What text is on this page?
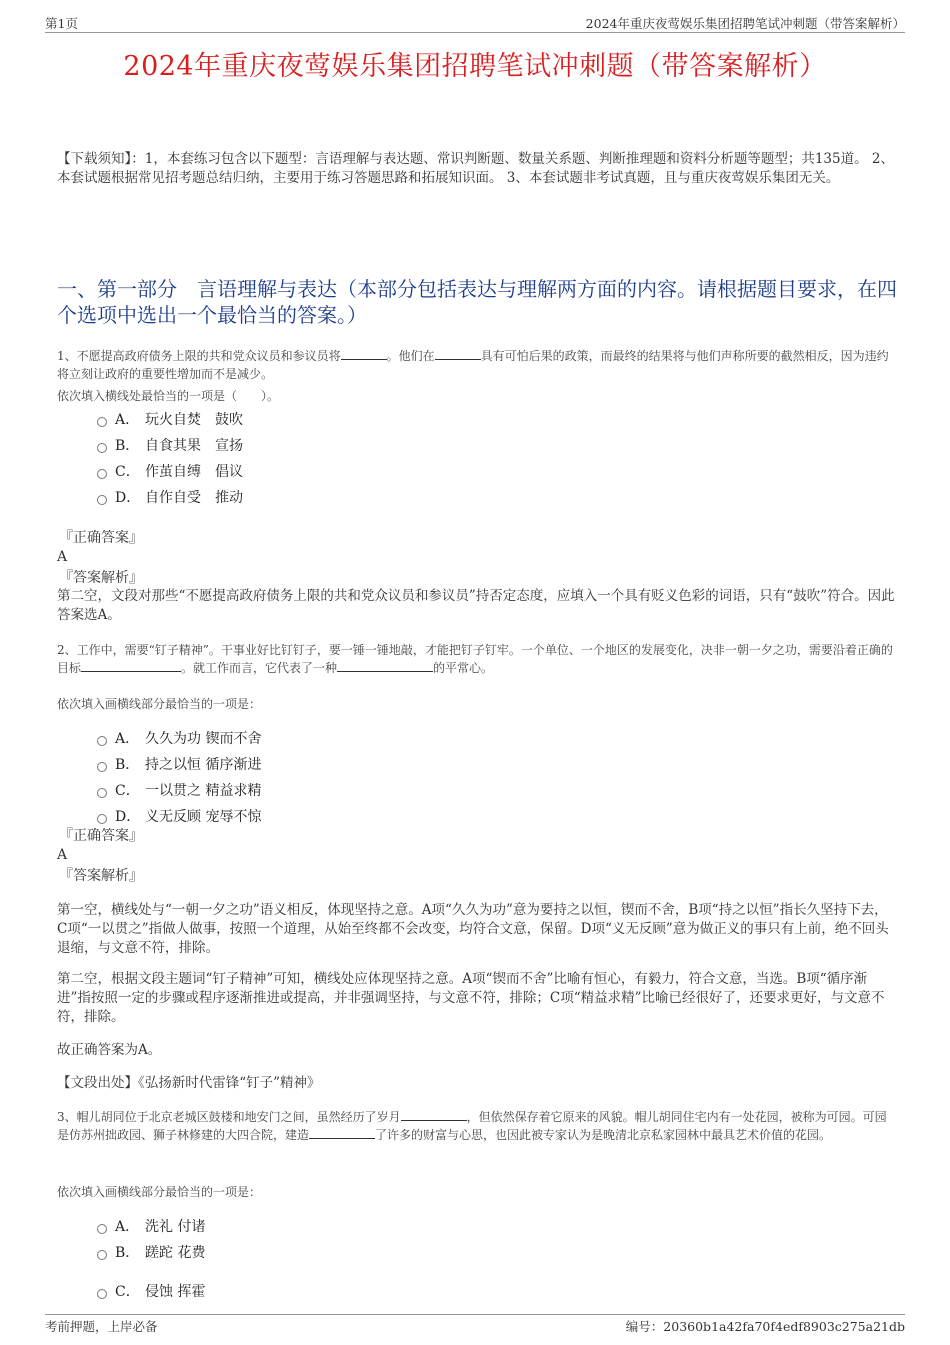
第1页	2024年重庆夜莺娱乐集团招聘笔试冲刺题（带答案解析）
2024年重庆夜莺娱乐集团招聘笔试冲刺题（带答案解析）
【下载须知】：1，本套练习包含以下题型：言语理解与表达题、常识判断题、数量关系题、判断推理题和资料分析题等题型；共135道。 2、本套试题根据常见招考题总结归纳，主要用于练习答题思路和拓展知识面。 3、本套试题非考试真题，且与重庆夜莺娱乐集团无关。
一、第一部分　言语理解与表达（本部分包括表达与理解两方面的内容。请根据题目要求，在四个选项中选出一个最恰当的答案。）
1、不愿提高政府债务上限的共和党众议员和参议员将	。他们在	具有可怕后果的政策，而最终的结果将与他们声称所要的截然相反，因为违约将立刻让政府的重要性增加而不是减少。
依次填入横线处最恰当的一项是（　　）。
A． 玩火自焚　鼓吹
B． 自食其果　宣扬
C． 作茧自缚　倡议
D． 自作自受　推动
『正确答案』
A
『答案解析』
第二空，文段对那些“不愿提高政府债务上限的共和党众议员和参议员”持否定态度，应填入一个具有贬义色彩的词语，只有“鼓吹”符合。因此答案选A。
2、工作中，需要“钉子精神”。干事业好比钉钉子，要一锤一锤地敲，才能把钉子钉牢。一个单位、一个地区的发展变化，决非一朝一夕之功，需要沿着正确的目标	。就工作而言，它代表了一种	的平常心。
依次填入画横线部分最恰当的一项是：
A． 久久为功 锲而不舍
B． 持之以恒 循序渐进
C． 一以贯之 精益求精
D． 义无反顾 宠辱不惊
『正确答案』
A
『答案解析』
第一空，横线处与“一朝一夕之功”语义相反，体现坚持之意。A项“久久为功”意为要持之以恒，锲而不舍，B项“持之以恒”指长久坚持下去，C项“一以贯之”指做人做事，按照一个道理，从始至终都不会改变，均符合文意，保留。D项“义无反顾”意为做正义的事只有上前，绝不回头退缩，与文意不符，排除。
第二空，根据文段主题词“钉子精神”可知，横线处应体现坚持之意。A项“锲而不舍”比喻有恒心，有毅力，符合文意，当选。B项“循序渐进”指按照一定的步骤或程序逐渐推进或提高，并非强调坚持，与文意不符，排除；C项“精益求精”比喻已经很好了，还要求更好，与文意不符，排除。
故正确答案为A。
【文段出处】《弘扬新时代雷锋“钉子”精神》
3、帽儿胡同位于北京老城区鼓楼和地安门之间，虽然经历了岁月	，但依然保存着它原来的风貌。帽儿胡同住宅内有一处花园，被称为可园。可园是仿苏州拙政园、狮子林修建的大四合院，建造	了许多的财富与心思，也因此被专家认为是晚清北京私家园林中最具艺术价值的花园。
依次填入画横线部分最恰当的一项是：
A． 洗礼 付诸
B． 蹉跎 花费
C． 侵蚀 挥霍
考前押题，上岸必备	编号：20360b1a42fa70f4edf8903c275a21db
